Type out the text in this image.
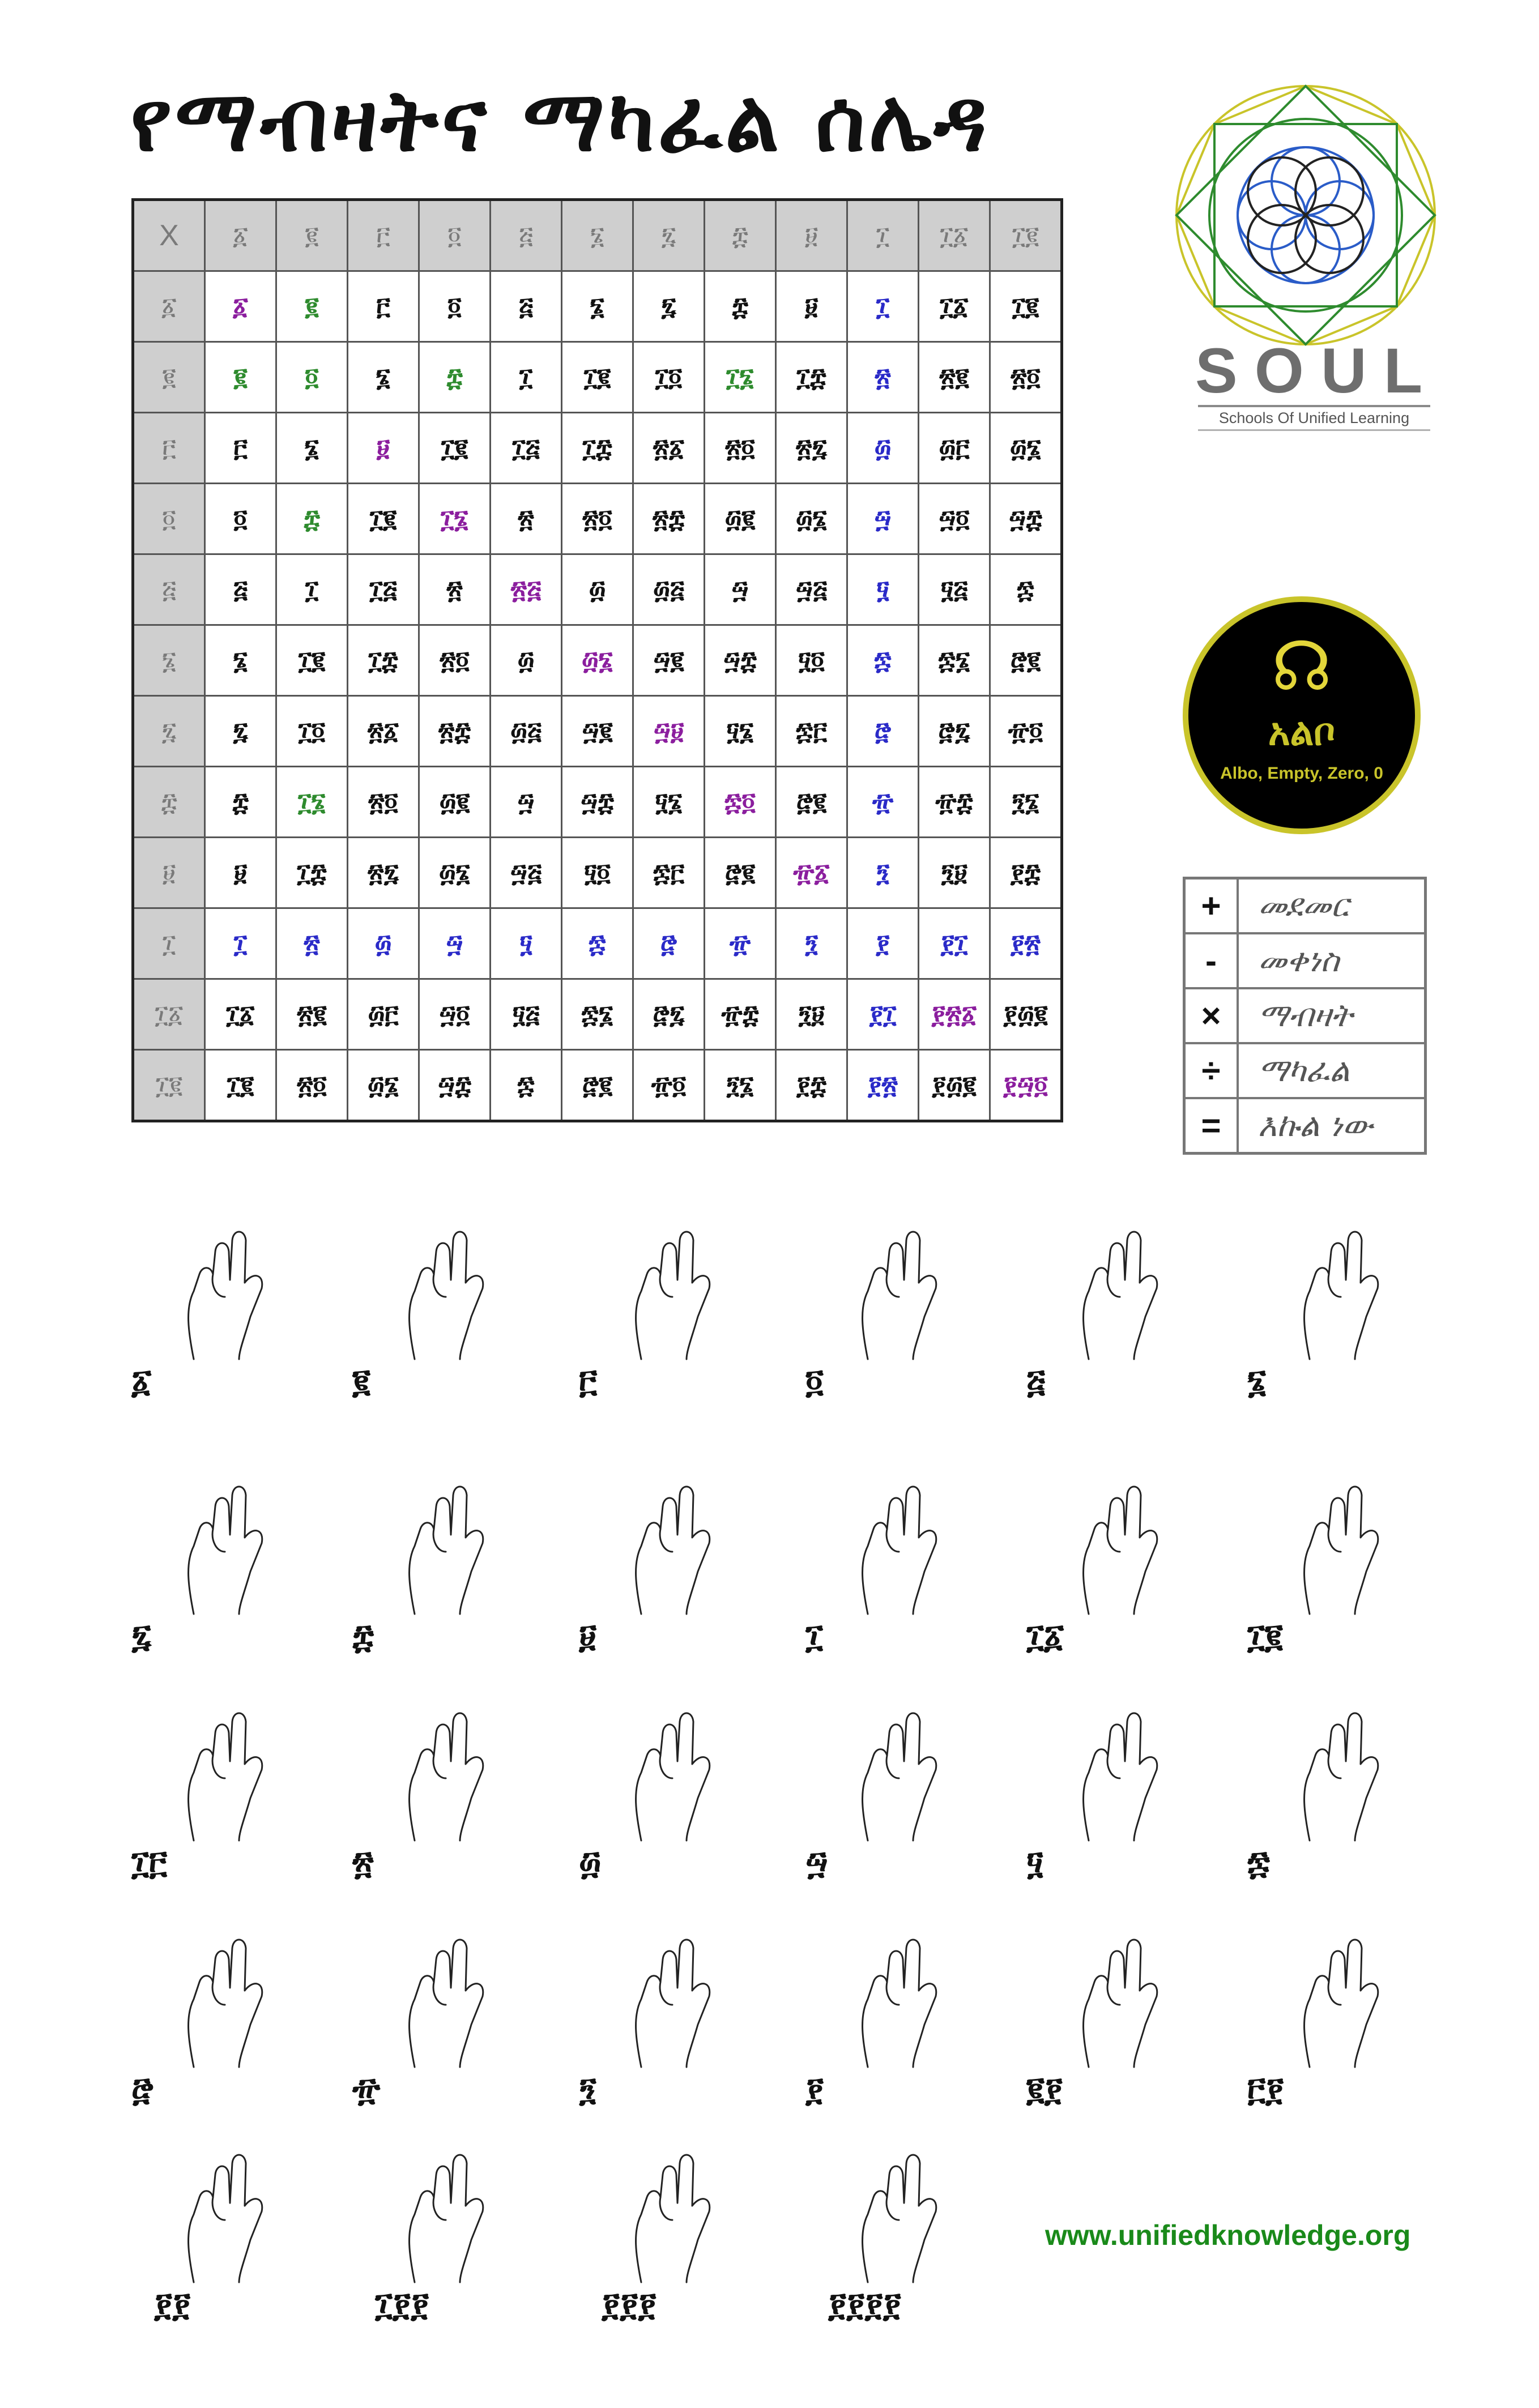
የማብዛትና ማካፈል ሰሌዳ
X	፩	፪	፫	፬	፭	፮	፯	፰	፱	፲	፲፩	፲፪
፩	፩	፪	፫	፬	፭	፮	፯	፰	፱	፲	፲፩	፲፪
፪	፪	፬	፮	፰	፲	፲፪	፲፬	፲፮	፲፰	፳	፳፪	፳፬
፫	፫	፮	፱	፲፪	፲፭	፲፰	፳፩	፳፬	፳፯	፴	፴፫	፴፮
፬	፬	፰	፲፪	፲፮	፳	፳፬	፳፰	፴፪	፴፮	፵	፵፬	፵፰
፭	፭	፲	፲፭	፳	፳፭	፴	፴፭	፵	፵፭	፶	፶፭	፷
፮	፮	፲፪	፲፰	፳፬	፴	፴፮	፵፪	፵፰	፶፬	፷	፷፮	፸፪
፯	፯	፲፬	፳፩	፳፰	፴፭	፵፪	፵፱	፶፮	፷፫	፸	፸፯	፹፬
፰	፰	፲፮	፳፬	፴፪	፵	፵፰	፶፮	፷፬	፸፪	፹	፹፰	፺፮
፱	፱	፲፰	፳፯	፴፮	፵፭	፶፬	፷፫	፸፪	፹፩	፺	፺፱	፻፰
፲	፲	፳	፴	፵	፶	፷	፸	፹	፺	፻	፻፲	፻፳
፲፩	፲፩	፳፪	፴፫	፵፬	፶፭	፷፮	፸፯	፹፰	፺፱	፻፲	፻፳፩	፻፴፪
፲፪	፲፪	፳፬	፴፮	፵፰	፷	፸፪	፹፬	፺፮	፻፰	፻፳	፻፴፪	፻፵፬
SOUL
Schools Of Unified Learning
☊
አልቦ
Albo, Empty, Zero, 0
+	መደመር
-	መቀነስ
×	ማብዛት
÷	ማካፈል
=	እኩል ነው
፩	፪	፫	፬	፭	፮
፯	፰	፱	፲	፲፩	፲፪
፲፫	፳	፴	፵	፶	፷
፸	፹	፺	፻	፪፻	፫፻
፻፻	፲፻፻	፻፻፻	፻፻፻፻
www.unifiedknowledge.org
